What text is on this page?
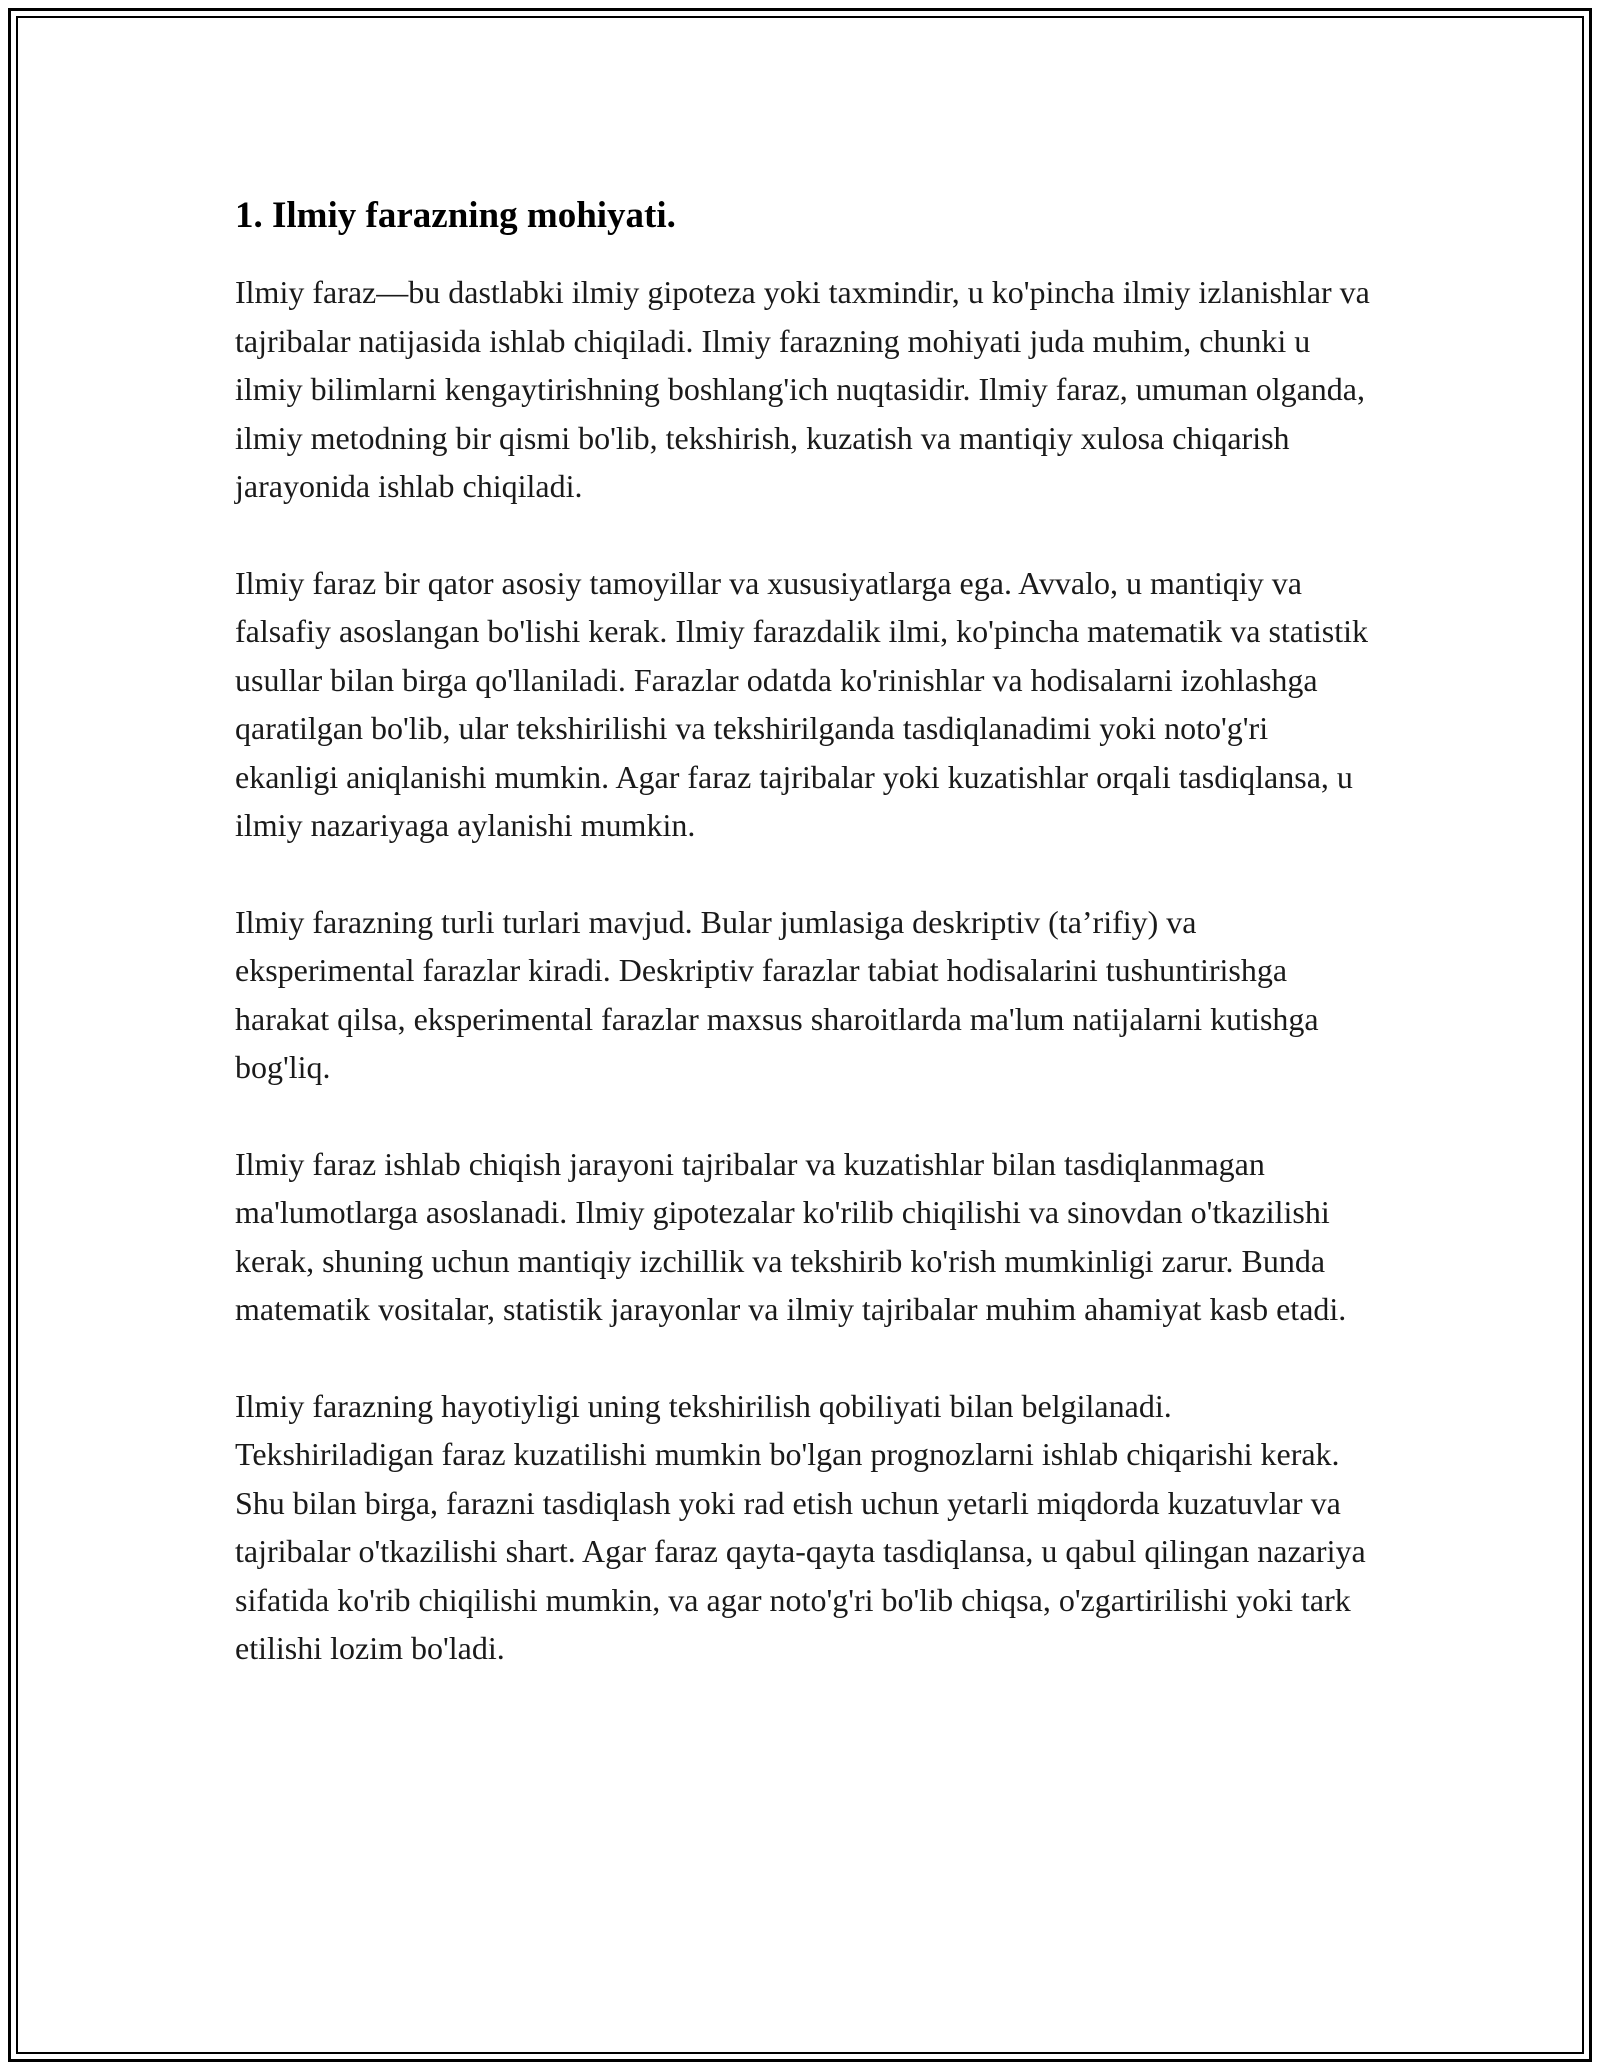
1. Ilmiy farazning mohiyati.

Ilmiy faraz—bu dastlabki ilmiy gipoteza yoki taxmindir, u ko'pincha ilmiy izlanishlar va tajribalar natijasida ishlab chiqiladi. Ilmiy farazning mohiyati juda muhim, chunki u ilmiy bilimlarni kengaytirishning boshlang'ich nuqtasidir. Ilmiy faraz, umuman olganda, ilmiy metodning bir qismi bo'lib, tekshirish, kuzatish va mantiqiy xulosa chiqarish jarayonida ishlab chiqiladi.

Ilmiy faraz bir qator asosiy tamoyillar va xususiyatlarga ega. Avvalo, u mantiqiy va falsafiy asoslangan bo'lishi kerak. Ilmiy farazdalik ilmi, ko'pincha matematik va statistik usullar bilan birga qo'llaniladi. Farazlar odatda ko'rinishlar va hodisalarni izohlashga qaratilgan bo'lib, ular tekshirilishi va tekshirilganda tasdiqlanadimi yoki noto'g'ri ekanligi aniqlanishi mumkin. Agar faraz tajribalar yoki kuzatishlar orqali tasdiqlansa, u ilmiy nazariyaga aylanishi mumkin.

Ilmiy farazning turli turlari mavjud. Bular jumlasiga deskriptiv (ta’rifiy) va eksperimental farazlar kiradi. Deskriptiv farazlar tabiat hodisalarini tushuntirishga harakat qilsa, eksperimental farazlar maxsus sharoitlarda ma'lum natijalarni kutishga bog'liq.

Ilmiy faraz ishlab chiqish jarayoni tajribalar va kuzatishlar bilan tasdiqlanmagan ma'lumotlarga asoslanadi. Ilmiy gipotezalar ko'rilib chiqilishi va sinovdan o'tkazilishi kerak, shuning uchun mantiqiy izchillik va tekshirib ko'rish mumkinligi zarur. Bunda matematik vositalar, statistik jarayonlar va ilmiy tajribalar muhim ahamiyat kasb etadi.

Ilmiy farazning hayotiyligi uning tekshirilish qobiliyati bilan belgilanadi. Tekshiriladigan faraz kuzatilishi mumkin bo'lgan prognozlarni ishlab chiqarishi kerak. Shu bilan birga, farazni tasdiqlash yoki rad etish uchun yetarli miqdorda kuzatuvlar va tajribalar o'tkazilishi shart. Agar faraz qayta-qayta tasdiqlansa, u qabul qilingan nazariya sifatida ko'rib chiqilishi mumkin, va agar noto'g'ri bo'lib chiqsa, o'zgartirilishi yoki tark etilishi lozim bo'ladi.
